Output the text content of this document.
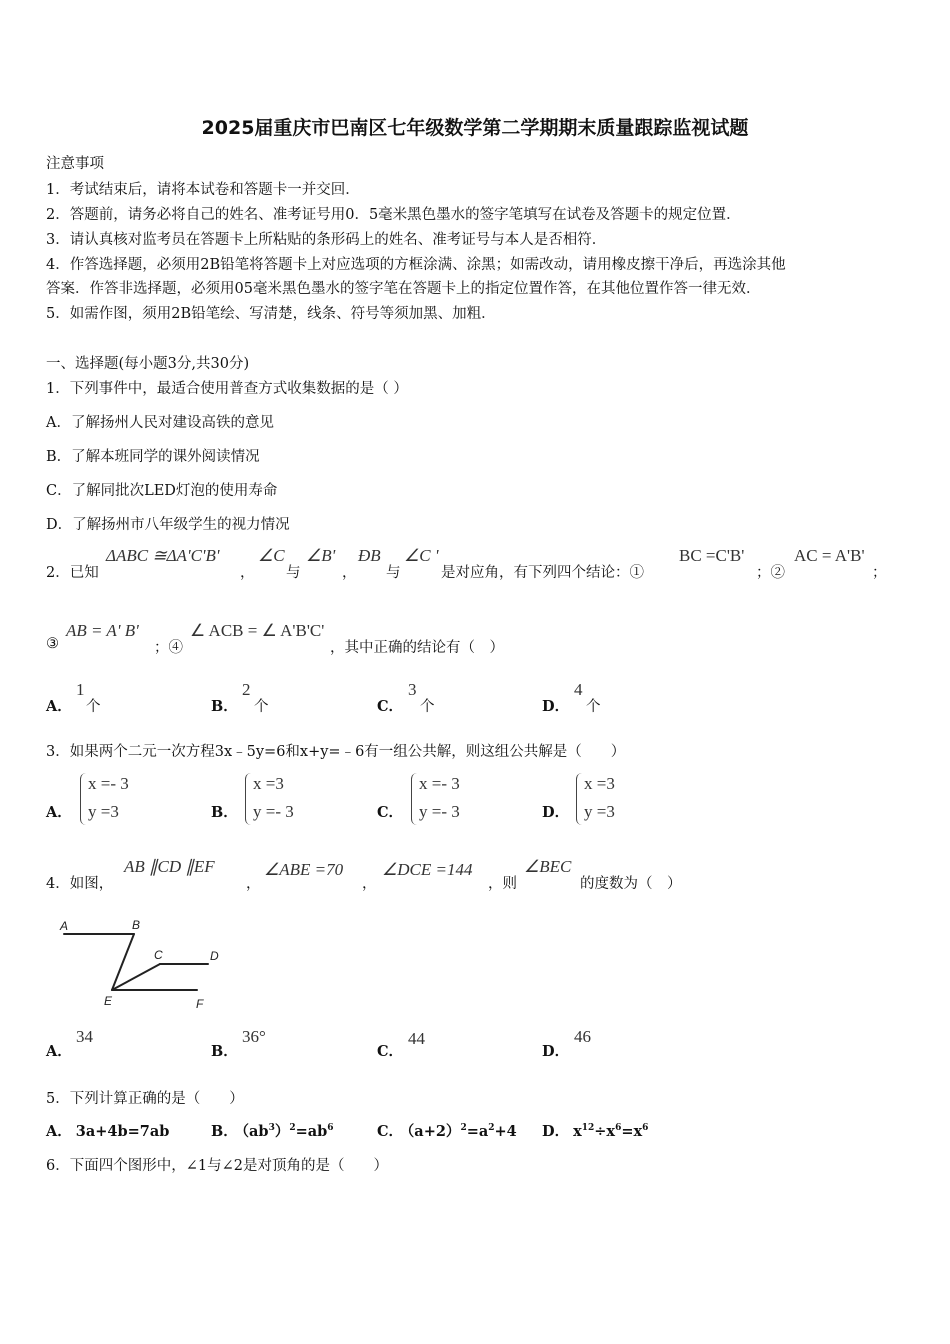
2025届重庆市巴南区七年级数学第二学期期末质量跟踪监视试题
注意事项
1．考试结束后，请将本试卷和答题卡一并交回．
2．答题前，请务必将自己的姓名、准考证号用0．5毫米黑色墨水的签字笔填写在试卷及答题卡的规定位置．
3．请认真核对监考员在答题卡上所粘贴的条形码上的姓名、准考证号与本人是否相符．
4．作答选择题，必须用2B铅笔将答题卡上对应选项的方框涂满、涂黑；如需改动，请用橡皮擦干净后，再选涂其他
答案．作答非选择题，必须用05毫米黑色墨水的签字笔在答题卡上的指定位置作答，在其他位置作答一律无效．
5．如需作图，须用2B铅笔绘、写清楚，线条、符号等须加黑、加粗．
一、选择题(每小题3分,共30分)
1．下列事件中，最适合使用普查方式收集数据的是（ ）
A．了解扬州人民对建设高铁的意见
B．了解本班同学的课外阅读情况
C．了解同批次LED灯泡的使用寿命
D．了解扬州市八年级学生的视力情况
2．已知
ΔABC ≅ΔA'C'B'
，
∠C
与
∠B'
，
ÐB
与
∠C '
是对应角，有下列四个结论：①
BC =C'B'
；②
AC = A'B'
；
③
AB = A' B'
；④
∠ ACB = ∠ A'B'C'
，其中正确的结论有（　）
A．
1
个	B．
2
个	C．
3
个	D．
4
个
3．如果两个二元一次方程3x﹣5y=6和x+y=﹣6有一组公共解，则这组公共解是（　　）
A．
x =- 3
y =3	B．
x =3
y =- 3	C．
x =- 3
y =- 3	D．
x =3
y =3
4．如图，
AB ∥CD ∥EF
，
∠ABE =70
，
∠DCE =144
，则
∠BEC
的度数为（　）
A	B
C	D
E	F
A．
34
B．
36°
C．
44
D．
46
5．下列计算正确的是（　　）
A． 3a+4b=7ab	B． $(ab^3)^2=ab^6$	C． $(a+2)^2=a^2+4$ D． $x^{12}\div x^6=x^6$
6．下面四个图形中，∠1与∠2是对顶角的是（　　）
